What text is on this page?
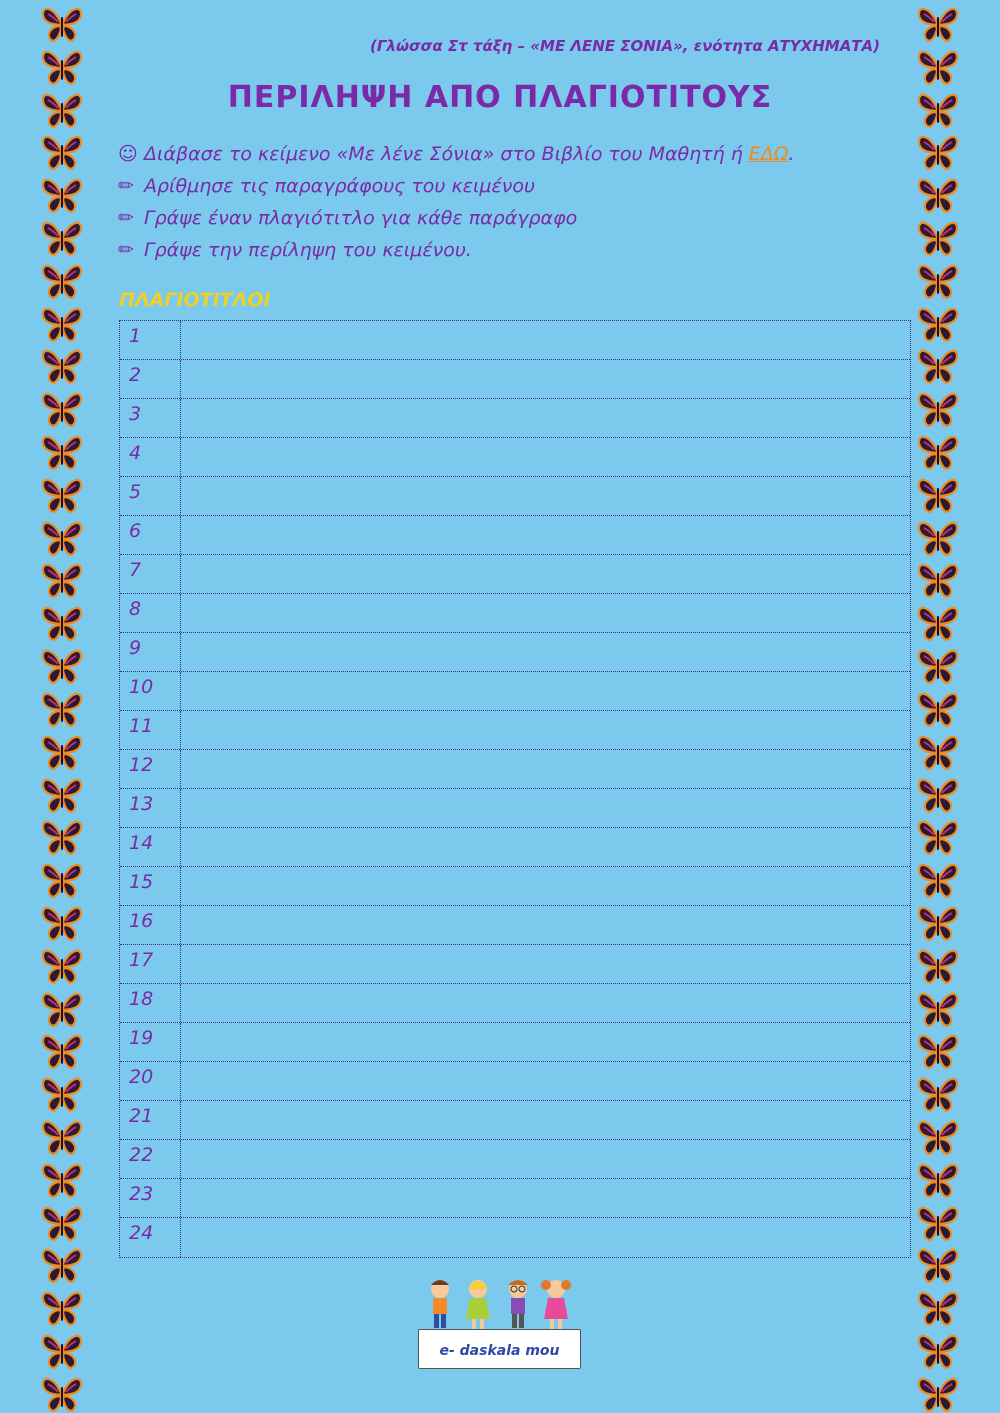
(Γλώσσα Στ τάξη – «ΜΕ ΛΕΝΕ ΣΟΝΙΑ», ενότητα ΑΤΥΧΗΜΑΤΑ)
ΠΕΡΙΛΗΨΗ ΑΠΟ ΠΛΑΓΙΟΤΙΤΟΥΣ
☺ Διάβασε το κείμενο «Με λένε Σόνια» στο Βιβλίο του Μαθητή ή ΕΔΩ.
✏ Αρίθμησε τις παραγράφους του κειμένου
✏ Γράψε έναν πλαγιότιτλο για κάθε παράγραφο
✏ Γράψε την περίληψη του κειμένου.
ΠΛΑΓΙΟΤΙΤΛΟΙ
1
2
3
4
5
6
7
8
9
10
11
12
13
14
15
16
17
18
19
20
21
22
23
24
e- daskala mou
